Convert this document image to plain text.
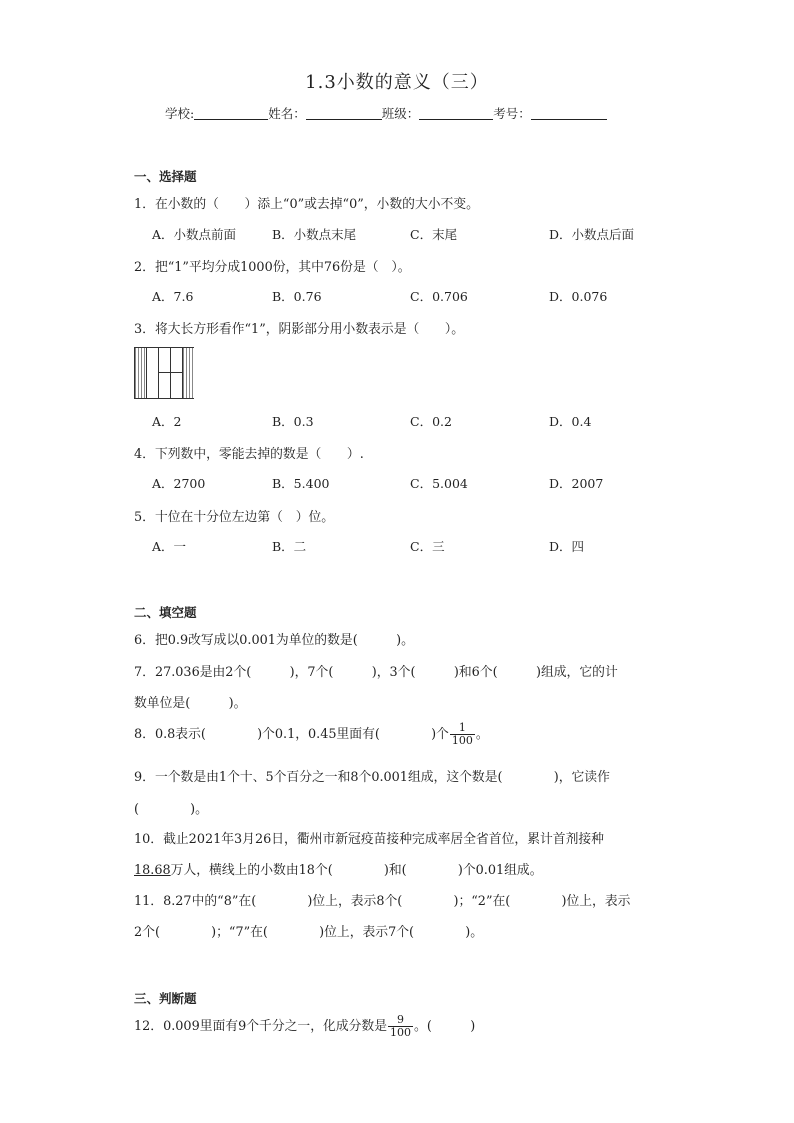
1.3小数的意义（三）
学校:	姓名：	班级：	考号：
一、选择题
1．在小数的（　　）添上“0”或去掉“0”，小数的大小不变。
A．小数点前面	B．小数点末尾	C．末尾	D．小数点后面
2．把“1”平均分成1000份，其中76份是（　）。
A．7.6	B．0.76	C．0.706	D．0.076
3．将大长方形看作“1”，阴影部分用小数表示是（　　）。
A．2	B．0.3	C．0.2	D．0.4
4．下列数中，零能去掉的数是（　　）.
A．2700	B．5.400	C．5.004	D．2007
5．十位在十分位左边第（　）位。
A．一	B．二	C．三	D．四
二、填空题
6．把0.9改写成以0.001为单位的数是(　　　)。
7．27.036是由2个(　　　)，7个(　　　)，3个(　　　)和6个(　　　)组成，它的计
数单位是(　　　)。
8．0.8表示(　　　　)个0.1，0.45里面有(　　　　)个 $\frac{1}{100}$ 。
9．一个数是由1个十、5个百分之一和8个0.001组成，这个数是(　　　　)，它读作
(　　　　)。
10．截止2021年3月26日，衢州市新冠疫苗接种完成率居全省首位，累计首剂接种
18.68万人，横线上的小数由18个(　　　　)和(　　　　)个0.01组成。
11．8.27中的“8”在(　　　　)位上，表示8个(　　　　)；“2”在(　　　　)位上，表示
2个(　　　　)；“7”在(　　　　)位上，表示7个(　　　　)。
三、判断题
12．0.009里面有9个千分之一，化成分数是 $\frac{9}{100}$ 。(　　　)
